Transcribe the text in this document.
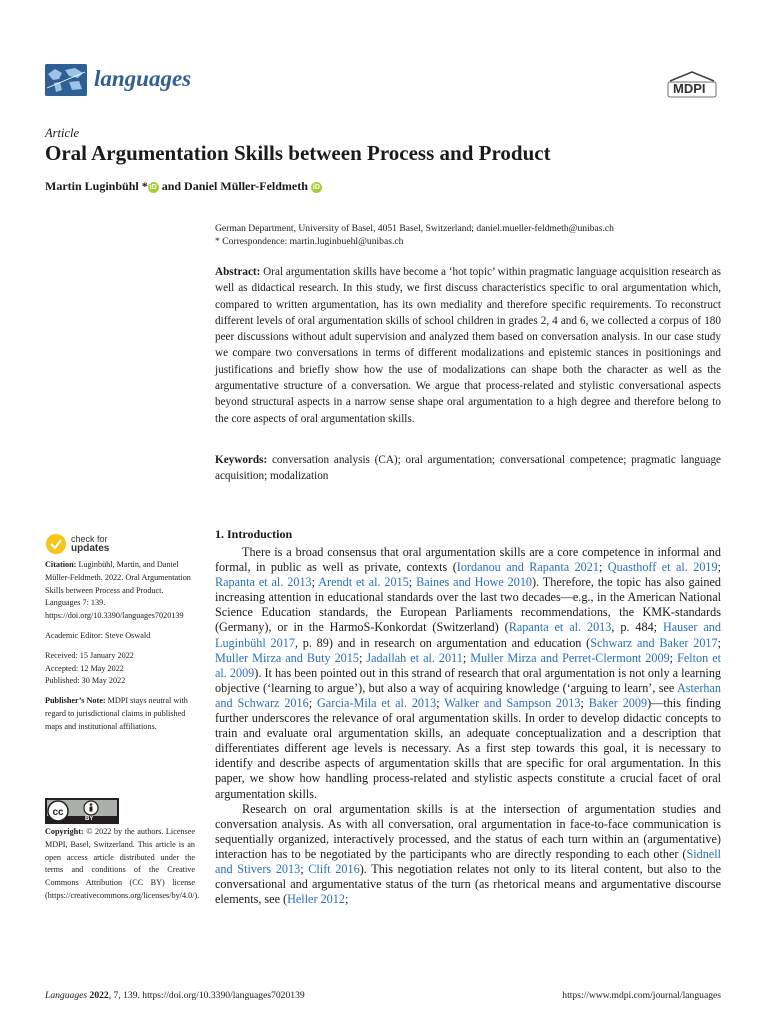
languages	MDPI
Article
Oral Argumentation Skills between Process and Product
Martin Luginbühl * iD and Daniel Müller-Feldmeth iD
German Department, University of Basel, 4051 Basel, Switzerland; daniel.mueller-feldmeth@unibas.ch
* Correspondence: martin.luginbuehl@unibas.ch
Abstract: Oral argumentation skills have become a ‘hot topic’ within pragmatic language acquisition research as well as didactical research. In this study, we first discuss characteristics specific to oral argumentation which, compared to written argumentation, has its own mediality and therefore specific requirements. To reconstruct different levels of oral argumentation skills of school children in grades 2, 4 and 6, we collected a corpus of 180 peer discussions without adult supervision and analyzed them based on conversation analysis. In our case study we compare two conversations in terms of different modalizations and epistemic stances in positionings and justifications and briefly show how the use of modalizations can shape both the character as well as the argumentative structure of a conversation. We argue that process-related and stylistic conversational aspects beyond structural aspects in a narrow sense shape oral argumentation to a high degree and therefore belong to the core aspects of oral argumentation skills.
Keywords: conversation analysis (CA); oral argumentation; conversational competence; pragmatic language acquisition; modalization
1. Introduction

There is a broad consensus that oral argumentation skills are a core competence in informal and formal, in public as well as private, contexts (Iordanou and Rapanta 2021; Quasthoff et al. 2019; Rapanta et al. 2013; Arendt et al. 2015; Baines and Howe 2010). Therefore, the topic has also gained increasing attention in educational standards over the last two decades—e.g., in the American National Science Education standards, the European Parliaments recommendations, the KMK-standards (Germany), or in the HarmoS-Konkordat (Switzerland) (Rapanta et al. 2013, p. 484; Hauser and Luginbühl 2017, p. 89) and in research on argumentation and education (Schwarz and Baker 2017; Muller Mirza and Buty 2015; Jadallah et al. 2011; Muller Mirza and Perret-Clermont 2009; Felton et al. 2009). It has been pointed out in this strand of research that oral argumentation is not only a learning objective (‘learning to argue’), but also a way of acquiring knowledge (‘arguing to learn’, see Asterhan and Schwarz 2016; Garcia-Mila et al. 2013; Walker and Sampson 2013; Baker 2009)—this finding further underscores the relevance of oral argumentation skills. In order to develop didactic concepts to train and evaluate oral argumentation skills, an adequate conceptualization and a description that differentiates different age levels is necessary. As a first step towards this goal, it is necessary to identify and describe aspects of argumentation skills that are specific for oral argumentation. In this paper, we show how handling process-related and stylistic aspects constitute a crucial facet of oral argumentation skills.

Research on oral argumentation skills is at the intersection of argumentation studies and conversation analysis. As with all conversation, oral argumentation in face-to-face communication is sequentially organized, interactively processed, and the status of each turn within an (argumentative) interaction has to be negotiated by the participants who are directly responding to each other (Sidnell and Stivers 2013; Clift 2016). This negotiation relates not only to its literal content, but also to the conversational and argumentative status of the turn (as rhetorical means and argumentative discourse elements, see (Heller 2012;

check for
updates

Citation: Luginbühl, Martin, and Daniel Müller-Feldmeth. 2022. Oral Argumentation Skills between Process and Product. Languages 7: 139. https://doi.org/10.3390/languages7020139

Academic Editor: Steve Oswald

Received: 15 January 2022

Accepted: 12 May 2022

Published: 30 May 2022

Publisher’s Note: MDPI stays neutral with regard to jurisdictional claims in published maps and institutional affiliations.

cc
BY
Copyright: © 2022 by the authors. Licensee MDPI, Basel, Switzerland. This article is an open access article distributed under the terms and conditions of the Creative Commons Attribution (CC BY) license (https://creativecommons.org/licenses/by/4.0/).
Languages 2022, 7, 139. https://doi.org/10.3390/languages7020139	https://www.mdpi.com/journal/languages
